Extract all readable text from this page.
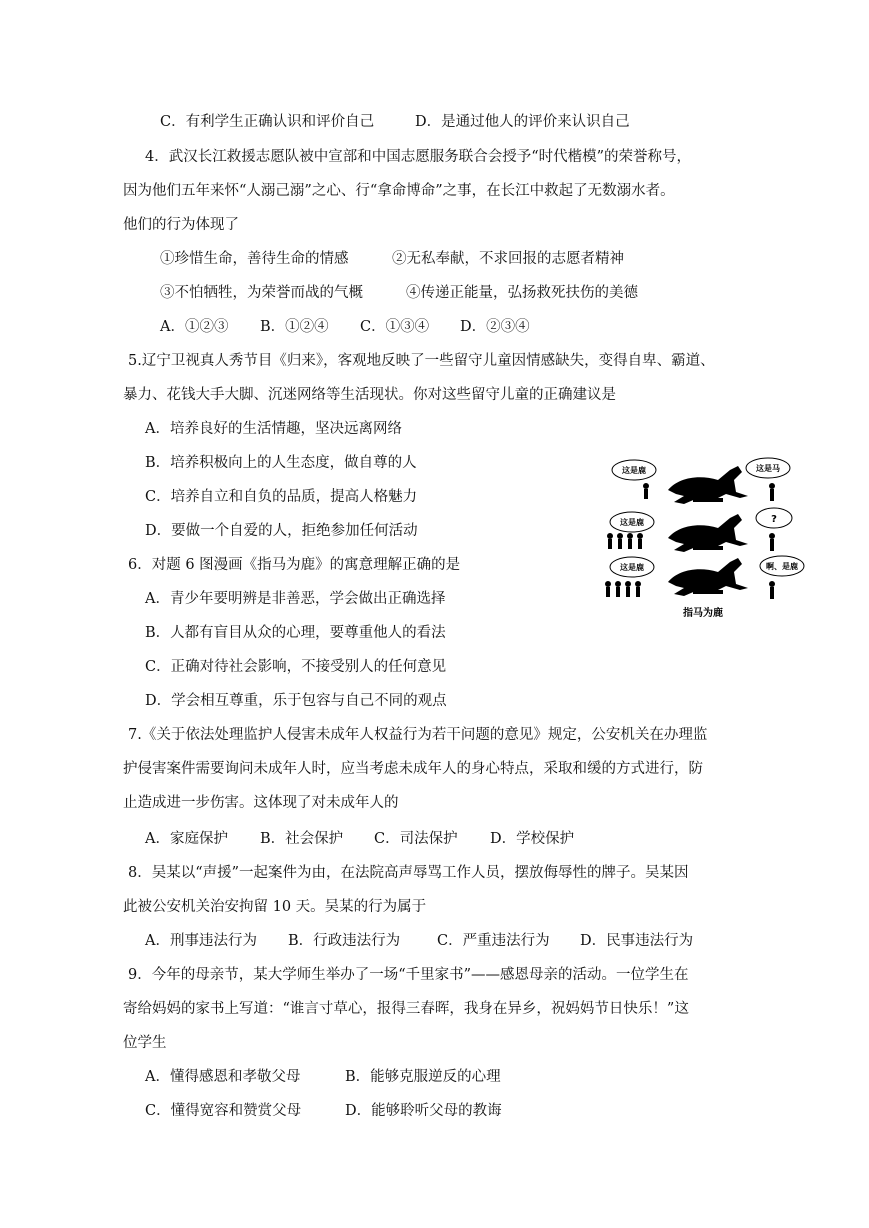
C．有利学生正确认识和评价自己	D．是通过他人的评价来认识自己
4．武汉长江救援志愿队被中宣部和中国志愿服务联合会授予“时代楷模”的荣誉称号，
因为他们五年来怀“人溺己溺”之心、行“拿命博命”之事，在长江中救起了无数溺水者。
他们的行为体现了
①珍惜生命，善待生命的情感	②无私奉献，不求回报的志愿者精神
③不怕牺牲，为荣誉而战的气概	④传递正能量，弘扬救死扶伤的美德
A．①②③ B．①②④ C．①③④ D．②③④
5.辽宁卫视真人秀节目《归来》，客观地反映了一些留守儿童因情感缺失，变得自卑、霸道、
暴力、花钱大手大脚、沉迷网络等生活现状。你对这些留守儿童的正确建议是
A．培养良好的生活情趣，坚决远离网络
B．培养积极向上的人生态度，做自尊的人
C．培养自立和自负的品质，提高人格魅力
D．要做一个自爱的人，拒绝参加任何活动
6．对题 6 图漫画《指马为鹿》的寓意理解正确的是
A．青少年要明辨是非善恶，学会做出正确选择
B．人都有盲目从众的心理，要尊重他人的看法
C．正确对待社会影响，不接受别人的任何意见
D．学会相互尊重，乐于包容与自己不同的观点
这是鹿
这是鹿
这是鹿
这是马
?
啊、是鹿
指马为鹿
7.《关于依法处理监护人侵害未成年人权益行为若干问题的意见》规定，公安机关在办理监
护侵害案件需要询问未成年人时，应当考虑未成年人的身心特点，采取和缓的方式进行，防
止造成进一步伤害。这体现了对未成年人的
A．家庭保护 B．社会保护 C．司法保护 D．学校保护
8．吴某以“声援”一起案件为由，在法院高声辱骂工作人员，摆放侮辱性的牌子。吴某因
此被公安机关治安拘留 10 天。吴某的行为属于
A．刑事违法行为 B．行政违法行为	C．严重违法行为 D．民事违法行为
9．今年的母亲节，某大学师生举办了一场“千里家书”——感恩母亲的活动。一位学生在
寄给妈妈的家书上写道：“谁言寸草心，报得三春晖，我身在异乡，祝妈妈节日快乐！”这
位学生
A．懂得感恩和孝敬父母	B．能够克服逆反的心理
C．懂得宽容和赞赏父母	D．能够聆听父母的教诲
